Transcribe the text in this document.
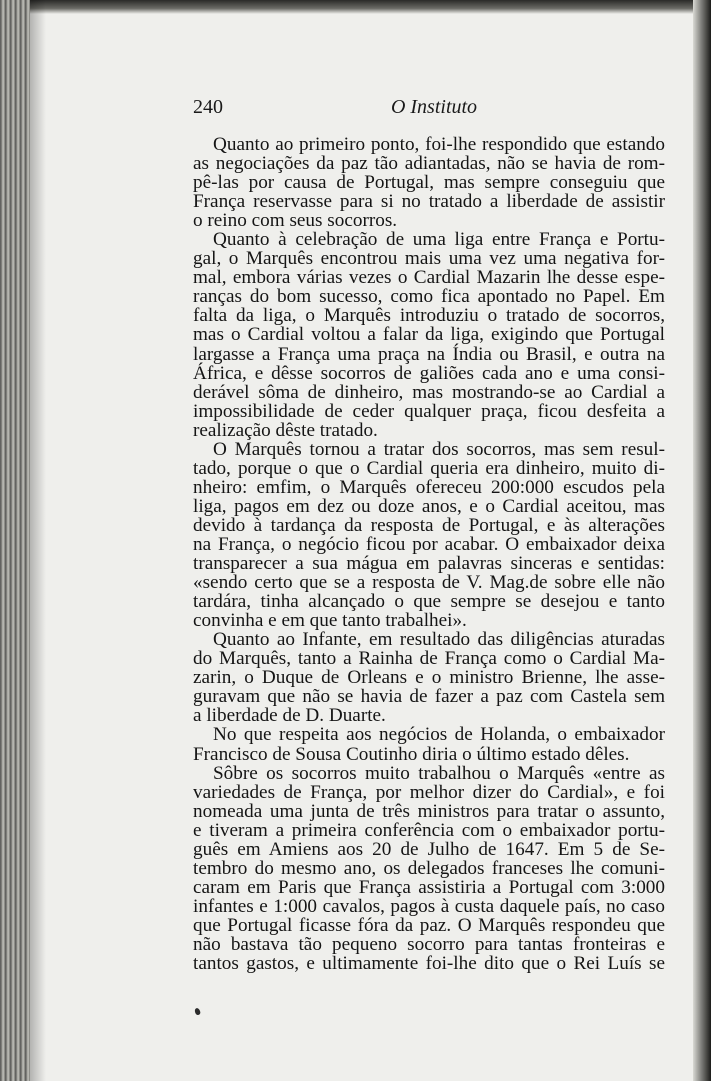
240	O Instituto
Quanto ao primeiro ponto, foi-lhe respondido que estando
as negociações da paz tão adiantadas, não se havia de rom-
pê-las por causa de Portugal, mas sempre conseguiu que
França reservasse para si no tratado a liberdade de assistir
o reino com seus socorros.
Quanto à celebração de uma liga entre França e Portu-
gal, o Marquês encontrou mais uma vez uma negativa for-
mal, embora várias vezes o Cardial Mazarin lhe desse espe-
ranças do bom sucesso, como fica apontado no Papel. Em
falta da liga, o Marquês introduziu o tratado de socorros,
mas o Cardial voltou a falar da liga, exigindo que Portugal
largasse a França uma praça na Índia ou Brasil, e outra na
África, e dêsse socorros de galiões cada ano e uma consi-
derável sôma de dinheiro, mas mostrando-se ao Cardial a
impossibilidade de ceder qualquer praça, ficou desfeita a
realização dêste tratado.
O Marquês tornou a tratar dos socorros, mas sem resul-
tado, porque o que o Cardial queria era dinheiro, muito di-
nheiro: emfim, o Marquês ofereceu 200:000 escudos pela
liga, pagos em dez ou doze anos, e o Cardial aceitou, mas
devido à tardança da resposta de Portugal, e às alterações
na França, o negócio ficou por acabar. O embaixador deixa
transparecer a sua mágua em palavras sinceras e sentidas:
«sendo certo que se a resposta de V. Mag.de sobre elle não
tardára, tinha alcançado o que sempre se desejou e tanto
convinha e em que tanto trabalhei».
Quanto ao Infante, em resultado das diligências aturadas
do Marquês, tanto a Rainha de França como o Cardial Ma-
zarin, o Duque de Orleans e o ministro Brienne, lhe asse-
guravam que não se havia de fazer a paz com Castela sem
a liberdade de D. Duarte.
No que respeita aos negócios de Holanda, o embaixador
Francisco de Sousa Coutinho diria o último estado dêles.
Sôbre os socorros muito trabalhou o Marquês «entre as
variedades de França, por melhor dizer do Cardial», e foi
nomeada uma junta de três ministros para tratar o assunto,
e tiveram a primeira conferência com o embaixador portu-
guês em Amiens aos 20 de Julho de 1647. Em 5 de Se-
tembro do mesmo ano, os delegados franceses lhe comuni-
caram em Paris que França assistiria a Portugal com 3:000
infantes e 1:000 cavalos, pagos à custa daquele país, no caso
que Portugal ficasse fóra da paz. O Marquês respondeu que
não bastava tão pequeno socorro para tantas fronteiras e
tantos gastos, e ultimamente foi-lhe dito que o Rei Luís se
